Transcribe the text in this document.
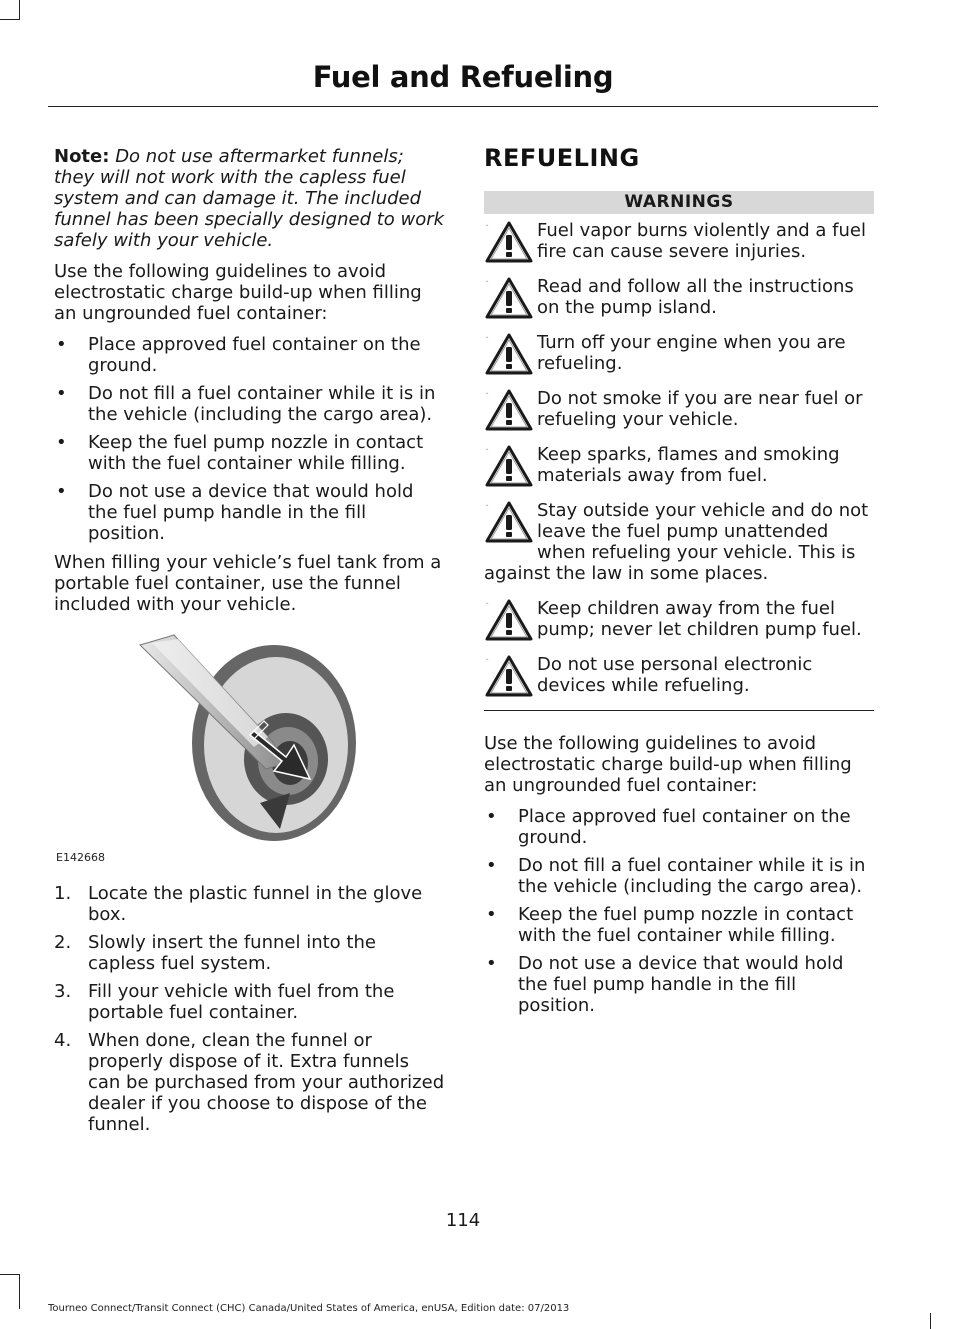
Fuel and Refueling

Note: Do not use aftermarket funnels; they will not work with the capless fuel system and can damage it. The included funnel has been specially designed to work safely with your vehicle.

Use the following guidelines to avoid electrostatic charge build-up when filling an ungrounded fuel container:

• Place approved fuel container on the ground.
• Do not fill a fuel container while it is in the vehicle (including the cargo area).
• Keep the fuel pump nozzle in contact with the fuel container while filling.
• Do not use a device that would hold the fuel pump handle in the fill position.

When filling your vehicle’s fuel tank from a portable fuel container, use the funnel included with your vehicle.

E142668
1. Locate the plastic funnel in the glove box.
2. Slowly insert the funnel into the capless fuel system.
3. Fill your vehicle with fuel from the portable fuel container.
4. When done, clean the funnel or properly dispose of it. Extra funnels can be purchased from your authorized dealer if you choose to dispose of the funnel.
REFUELING
WARNINGS
Fuel vapor burns violently and a fuel fire can cause severe injuries.
Read and follow all the instructions on the pump island.
Turn off your engine when you are refueling.
Do not smoke if you are near fuel or refueling your vehicle.
Keep sparks, flames and smoking materials away from fuel.
Stay outside your vehicle and do not leave the fuel pump unattended when refueling your vehicle. This is against the law in some places.
Keep children away from the fuel pump; never let children pump fuel.
Do not use personal electronic devices while refueling.

Use the following guidelines to avoid electrostatic charge build-up when filling an ungrounded fuel container:

• Place approved fuel container on the ground.
• Do not fill a fuel container while it is in the vehicle (including the cargo area).
• Keep the fuel pump nozzle in contact with the fuel container while filling.
• Do not use a device that would hold the fuel pump handle in the fill position.
114
Tourneo Connect/Transit Connect (CHC) Canada/United States of America, enUSA, Edition date: 07/2013
